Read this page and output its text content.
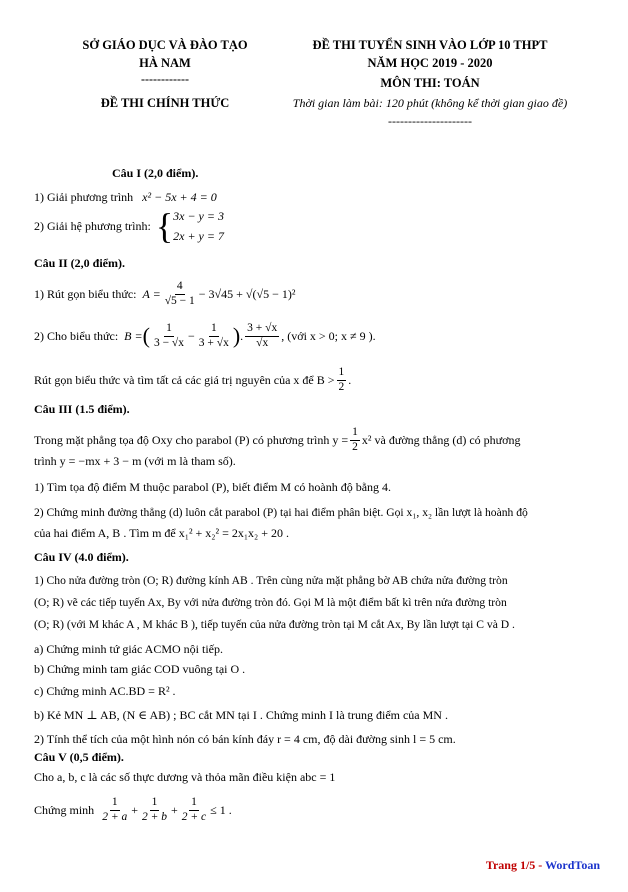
SỞ GIÁO DỤC VÀ ĐÀO TẠO
HÀ NAM
------------
ĐỀ THI CHÍNH THỨC
ĐỀ THI TUYỂN SINH VÀO LỚP 10 THPT
NĂM HỌC 2019 - 2020
MÔN THI: TOÁN
Thời gian làm bài: 120 phút (không kể thời gian giao đề)
---------------------
Câu I (2,0 điểm).
1) Giải phương trình x² − 5x + 4 = 0
2) Giải hệ phương trình: { 3x − y = 3
2x + y = 7
Câu II (2,0 điểm).
1) Rút gọn biểu thức: $A = \frac{4}{√5 - 1} - 3√45 + √(√5 - 1)^2$
2) Cho biểu thức: B = ( $\frac{1}{3 - √x} - \frac{1}{3 + √x}$ ) . $\frac{3 + √x}{√x}$ , (với x > 0; x ≠ 9 ).
Rút gọn biểu thức và tìm tất cả các giá trị nguyên của x để $B > \frac{1}{2}$ .
Câu III (1.5 điểm).
Trong mặt phẳng tọa độ Oxy cho parabol (P) có phương trình $y = \frac{1}{2} x^2$ và đường thẳng (d) có phương
trình y = −mx + 3 − m (với m là tham số).
1) Tìm tọa độ điểm M thuộc parabol (P), biết điểm M có hoành độ bằng 4.
2) Chứng minh đường thẳng (d) luôn cắt parabol (P) tại hai điểm phân biệt. Gọi x₁, x₂ lần lượt là hoành độ
của hai điểm A, B . Tìm m để x₁² + x₂² = 2x₁x₂ + 20 .
Câu IV (4.0 điểm).
1) Cho nửa đường tròn (O; R) đường kính AB . Trên cùng nửa mặt phẳng bờ AB chứa nửa đường tròn
(O; R) vẽ các tiếp tuyến Ax, By với nửa đường tròn đó. Gọi M là một điểm bất kì trên nửa đường tròn
(O; R) (với M khác A , M khác B ), tiếp tuyến của nửa đường tròn tại M cắt Ax, By lần lượt tại C và D .
a) Chứng minh tứ giác ACMO nội tiếp.
b) Chứng minh tam giác COD vuông tại O .
c) Chứng minh AC.BD = R² .
b) Kẻ MN ⊥ AB, (N ∈ AB) ; BC cắt MN tại I . Chứng minh I là trung điểm của MN .
2) Tính thể tích của một hình nón có bán kính đáy r = 4 cm, độ dài đường sinh l = 5 cm.
Câu V (0,5 điểm).
Cho a, b, c là các số thực dương và thỏa mãn điều kiện abc = 1
Chứng minh $\frac{1}{2 + a} + \frac{1}{2 + b} + \frac{1}{2 + c} \le 1$ .
Trang 1/5 - WordToan
